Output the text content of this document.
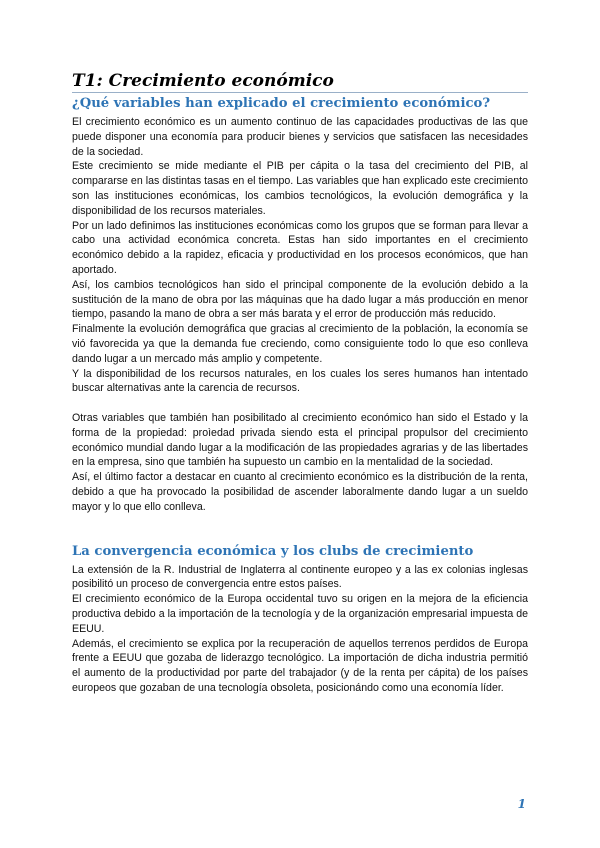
T1: Crecimiento económico
¿Qué variables han explicado el crecimiento económico?

El crecimiento económico es un aumento continuo de las capacidades productivas de las que puede disponer una economía para producir bienes y servicios que satisfacen las necesidades de la sociedad.

Este crecimiento se mide mediante el PIB per cápita o la tasa del crecimiento del PIB, al compararse en las distintas tasas en el tiempo. Las variables que han explicado este crecimiento son las instituciones económicas, los cambios tecnológicos, la evolución demográfica y la disponibilidad de los recursos materiales.

Por un lado definimos las instituciones económicas como los grupos que se forman para llevar a cabo una actividad económica concreta. Estas han sido importantes en el crecimiento económico debido a la rapidez, eficacia y productividad en los procesos económicos, que han aportado.

Así, los cambios tecnológicos han sido el principal componente de la evolución debido a la sustitución de la mano de obra por las máquinas que ha dado lugar a más producción en menor tiempo, pasando la mano de obra a ser más barata y el error de producción más reducido.

Finalmente la evolución demográfica que gracias al crecimiento de la población, la economía se vió favorecida ya que la demanda fue creciendo, como consiguiente todo lo que eso conlleva dando lugar a un mercado más amplio y competente.

Y la disponibilidad de los recursos naturales, en los cuales los seres humanos han intentado buscar alternativas ante la carencia de recursos.

Otras variables que también han posibilitado al crecimiento económico han sido el Estado y la forma de la propiedad: proìedad privada siendo esta el principal propulsor del crecimiento económico mundial dando lugar a la modificación de las propiedades agrarias y de las libertades en la empresa, sino que también ha supuesto un cambio en la mentalidad de la sociedad.

Así, el último factor a destacar en cuanto al crecimiento económico es la distribución de la renta, debido a que ha provocado la posibilidad de ascender laboralmente dando lugar a un sueldo mayor y lo que ello conlleva.

La convergencia económica y los clubs de crecimiento

La extensión de la R. Industrial de Inglaterra al continente europeo y a las ex colonias inglesas posibilitó un proceso de convergencia entre estos países.

El crecimiento económico de la Europa occidental tuvo su origen en la mejora de la eficiencia productiva debido a la importación de la tecnología y de la organización empresarial impuesta de EEUU.

Además, el crecimiento se explica por la recuperación de aquellos terrenos perdidos de Europa frente a EEUU que gozaba de liderazgo tecnológico. La importación de dicha industria permitió el aumento de la productividad por parte del trabajador (y de la renta per cápita) de los países europeos que gozaban de una tecnología obsoleta, posicionándo como una economía líder.

1
